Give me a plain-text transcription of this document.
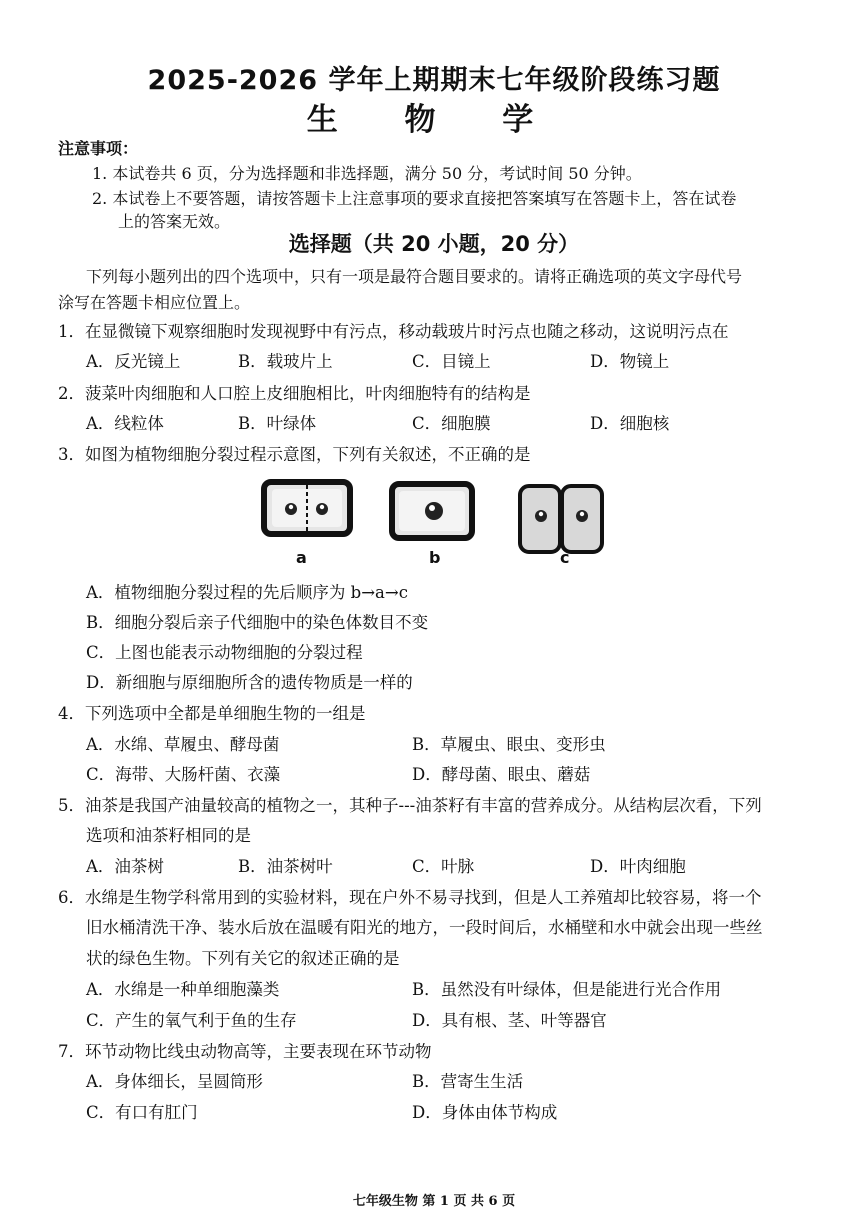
2025-2026 学年上期期末七年级阶段练习题
生 物 学
注意事项：
1. 本试卷共 6 页，分为选择题和非选择题，满分 50 分，考试时间 50 分钟。
2. 本试卷上不要答题，请按答题卡上注意事项的要求直接把答案填写在答题卡上，答在试卷
上的答案无效。
选择题（共 20 小题，20 分）
下列每小题列出的四个选项中，只有一项是最符合题目要求的。请将正确选项的英文字母代号
涂写在答题卡相应位置上。
1．在显微镜下观察细胞时发现视野中有污点，移动载玻片时污点也随之移动，这说明污点在
A．反光镜上	B．载玻片上	C．目镜上	D．物镜上
2．菠菜叶肉细胞和人口腔上皮细胞相比，叶肉细胞特有的结构是
A．线粒体	B．叶绿体	C．细胞膜	D．细胞核
3．如图为植物细胞分裂过程示意图，下列有关叙述，不正确的是
a	b	c
A．植物细胞分裂过程的先后顺序为 b→a→c
B．细胞分裂后亲子代细胞中的染色体数目不变
C．上图也能表示动物细胞的分裂过程
D．新细胞与原细胞所含的遗传物质是一样的
4．下列选项中全都是单细胞生物的一组是
A．水绵、草履虫、酵母菌	B．草履虫、眼虫、变形虫
C．海带、大肠杆菌、衣藻	D．酵母菌、眼虫、蘑菇
5．油茶是我国产油量较高的植物之一，其种子---油茶籽有丰富的营养成分。从结构层次看，下列
选项和油茶籽相同的是
A．油茶树	B．油茶树叶	C．叶脉	D．叶肉细胞
6．水绵是生物学科常用到的实验材料，现在户外不易寻找到，但是人工养殖却比较容易，将一个
旧水桶清洗干净、装水后放在温暖有阳光的地方，一段时间后，水桶壁和水中就会出现一些丝
状的绿色生物。下列有关它的叙述正确的是
A．水绵是一种单细胞藻类	B．虽然没有叶绿体，但是能进行光合作用
C．产生的氧气利于鱼的生存	D．具有根、茎、叶等器官
7．环节动物比线虫动物高等，主要表现在环节动物
A．身体细长，呈圆筒形	B．营寄生生活
C．有口有肛门	D．身体由体节构成
七年级生物 第 1 页 共 6 页
